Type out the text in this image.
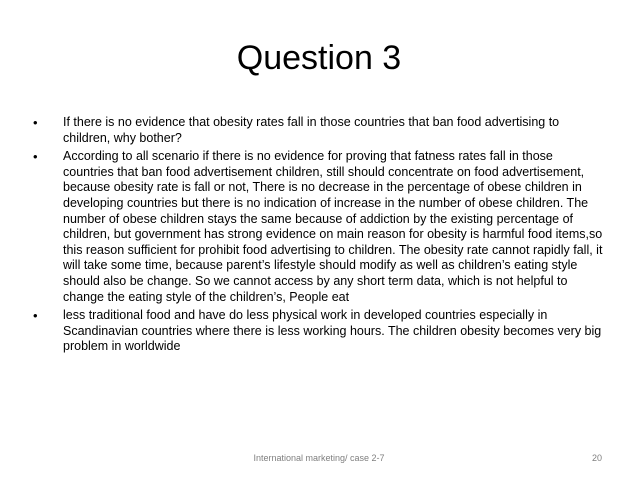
Question 3
• If there is no evidence that obesity rates fall in those countries that ban food advertising to children, why bother?
• According to all scenario if there is no evidence for proving that fatness rates fall in those countries that ban food advertisement children, still should concentrate on food advertisement, because obesity rate is fall or not, There is no decrease in the percentage of obese children in developing countries but there is no indication of increase in the number of obese children. The number of obese children stays the same because of addiction by the existing percentage of children, but government has strong evidence on main reason for obesity is harmful food items,so this reason sufficient for prohibit food advertising to children. The obesity rate cannot rapidly fall, it will take some time, because parent’s lifestyle should modify as well as children’s eating style should also be change. So we cannot access by any short term data, which is not helpful to change the eating style of the children’s, People eat
• less traditional food and have do less physical work in developed countries especially in Scandinavian countries where there is less working hours. The children obesity becomes very big problem in worldwide
International marketing/ case 2-7	20
